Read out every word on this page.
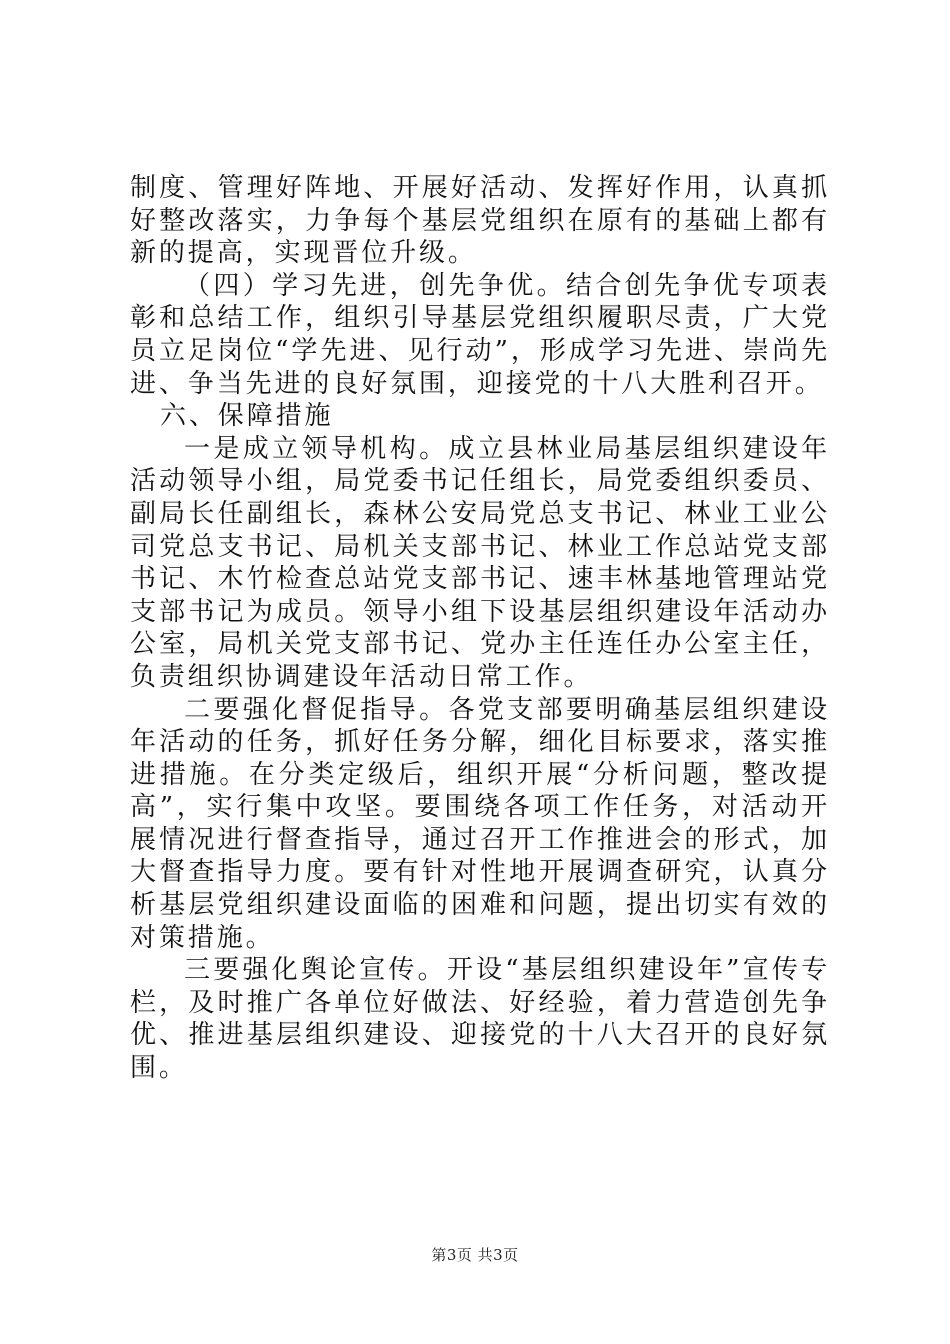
制度、管理好阵地、开展好活动、发挥好作用，认真抓好整改落实，力争每个基层党组织在原有的基础上都有新的提高，实现晋位升级。

（四）学习先进，创先争优。结合创先争优专项表彰和总结工作，组织引导基层党组织履职尽责，广大党员立足岗位“学先进、见行动”，形成学习先进、崇尚先进、争当先进的良好氛围，迎接党的十八大胜利召开。

六、保障措施

一是成立领导机构。成立县林业局基层组织建设年活动领导小组，局党委书记任组长，局党委组织委员、副局长任副组长，森林公安局党总支书记、林业工业公司党总支书记、局机关支部书记、林业工作总站党支部书记、木竹检查总站党支部书记、速丰林基地管理站党支部书记为成员。领导小组下设基层组织建设年活动办公室，局机关党支部书记、党办主任连任办公室主任，负责组织协调建设年活动日常工作。

二要强化督促指导。各党支部要明确基层组织建设年活动的任务，抓好任务分解，细化目标要求，落实推进措施。在分类定级后，组织开展“分析问题，整改提高”，实行集中攻坚。要围绕各项工作任务，对活动开展情况进行督查指导，通过召开工作推进会的形式，加大督查指导力度。要有针对性地开展调查研究，认真分析基层党组织建设面临的困难和问题，提出切实有效的对策措施。

三要强化舆论宣传。开设“基层组织建设年”宣传专栏，及时推广各单位好做法、好经验，着力营造创先争优、推进基层组织建设、迎接党的十八大召开的良好氛围。

第3页 共3页
